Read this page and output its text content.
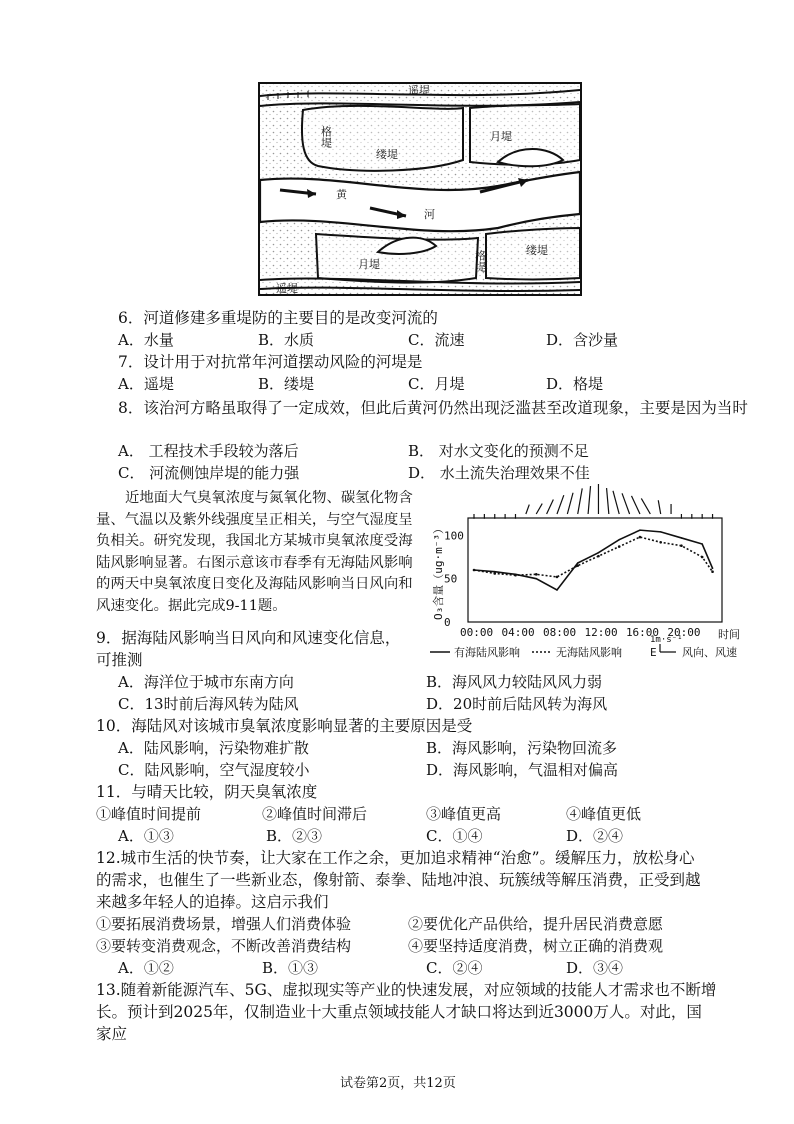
遥堤
格堤	月堤
缕堤
黄
河
月堤	格堤	缕堤
遥堤
6．河道修建多重堤防的主要目的是改变河流的
A．水量	B．水质	C．流速	D．含沙量
7．设计用于对抗常年河道摆动风险的河堤是
A．遥堤	B．缕堤	C．月堤	D．格堤
8．该治河方略虽取得了一定成效，但此后黄河仍然出现泛滥甚至改道现象，主要是因为当时
A． 工程技术手段较为落后	B． 对水文变化的预测不足
C． 河流侧蚀岸堤的能力强	D． 水土流失治理效果不佳
近地面大气臭氧浓度与氮氧化物、碳氢化物含量、气温以及紫外线强度呈正相关，与空气湿度呈负相关。研究发现，我国北方某城市臭氧浓度受海陆风影响显著。右图示意该市春季有无海陆风影响的两天中臭氧浓度日变化及海陆风影响当日风向和风速变化。据此完成9-11题。
0
50
100
00:00 04:00 08:00 12:00 16:00 20:00
O₃含量（ug·m⁻³）
时间
有海陆风影响	无海陆风影响
1m·s⁻¹
E 风向、风速
9．据海陆风影响当日风向和风速变化信息，
可推测
A．海洋位于城市东南方向	B．海风风力较陆风风力弱
C．13时前后海风转为陆风	D．20时前后陆风转为海风
10．海陆风对该城市臭氧浓度影响显著的主要原因是受
A．陆风影响，污染物难扩散	B．海风影响，污染物回流多
C．陆风影响，空气湿度较小	D．海风影响，气温相对偏高
11．与晴天比较，阴天臭氧浓度
①峰值时间提前	②峰值时间滞后	③峰值更高	④峰值更低
A．①③	B．②③	C．①④	D．②④
12.城市生活的快节奏，让大家在工作之余，更加追求精神“治愈”。缓解压力，放松身心
的需求，也催生了一些新业态，像射箭、泰拳、陆地冲浪、玩簇绒等解压消费，正受到越
来越多年轻人的追捧。这启示我们
①要拓展消费场景，增强人们消费体验	②要优化产品供给，提升居民消费意愿
③要转变消费观念，不断改善消费结构	④要坚持适度消费，树立正确的消费观
A．①②	B．①③	C．②④	D．③④
13.随着新能源汽车、5G、虚拟现实等产业的快速发展，对应领域的技能人才需求也不断增
长。预计到2025年，仅制造业十大重点领域技能人才缺口将达到近3000万人。对此，国
家应
试卷第2页，共12页
